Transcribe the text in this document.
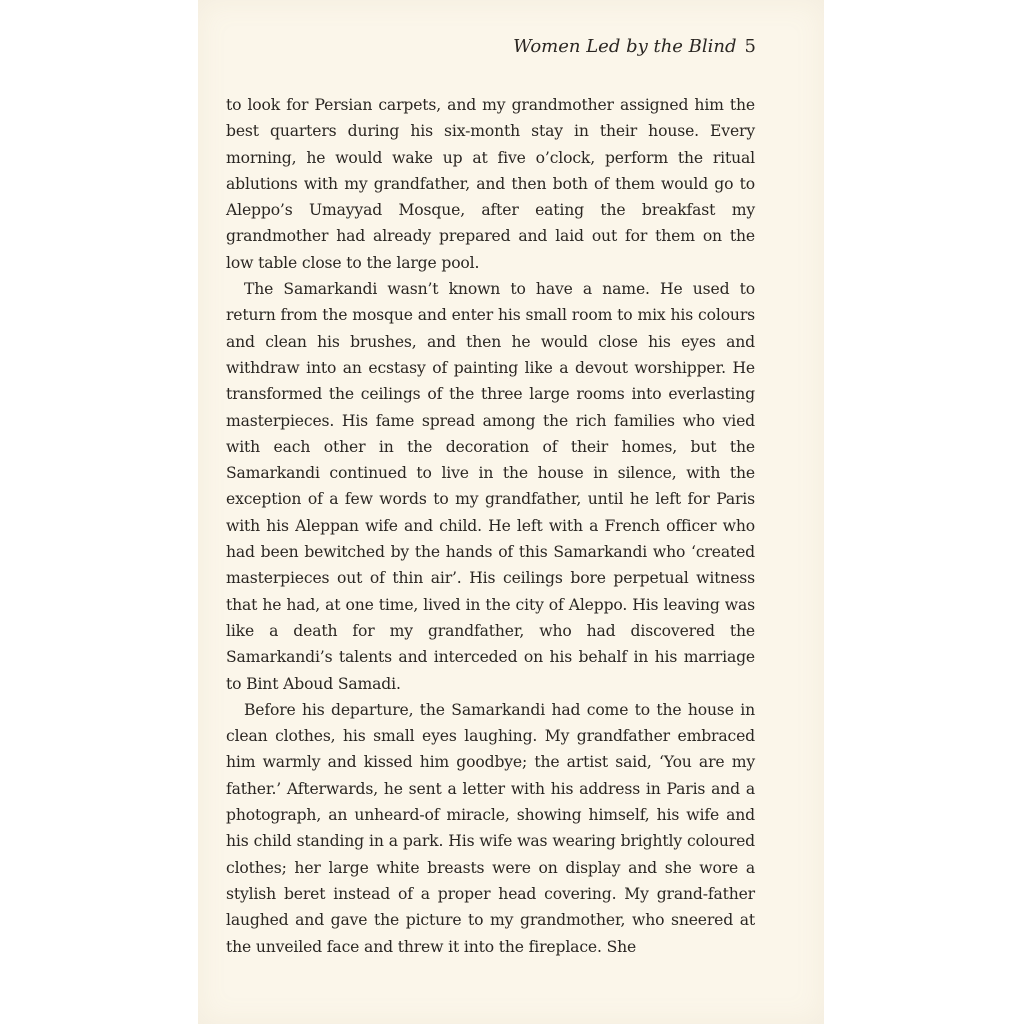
Women Led by the Blind 5

to look for Persian carpets, and my grandmother assigned him the best quarters during his six-month stay in their house. Every morning, he would wake up at five o’clock, perform the ritual ablutions with my grandfather, and then both of them would go to Aleppo’s Umayyad Mosque, after eating the breakfast my grandmother had already prepared and laid out for them on the low table close to the large pool.

The Samarkandi wasn’t known to have a name. He used to return from the mosque and enter his small room to mix his colours and clean his brushes, and then he would close his eyes and withdraw into an ecstasy of painting like a devout worshipper. He transformed the ceilings of the three large rooms into everlasting masterpieces. His fame spread among the rich families who vied with each other in the decoration of their homes, but the Samarkandi continued to live in the house in silence, with the exception of a few words to my grandfather, until he left for Paris with his Aleppan wife and child. He left with a French officer who had been bewitched by the hands of this Samarkandi who ‘created masterpieces out of thin air’. His ceilings bore perpetual witness that he had, at one time, lived in the city of Aleppo. His leaving was like a death for my grandfather, who had discovered the Samarkandi’s talents and interceded on his behalf in his marriage to Bint Aboud Samadi.

Before his departure, the Samarkandi had come to the house in clean clothes, his small eyes laughing. My grandfather embraced him warmly and kissed him goodbye; the artist said, ‘You are my father.’ Afterwards, he sent a letter with his address in Paris and a photograph, an unheard-of miracle, showing himself, his wife and his child standing in a park. His wife was wearing brightly coloured clothes; her large white breasts were on display and she wore a stylish beret instead of a proper head covering. My grand-father laughed and gave the picture to my grandmother, who sneered at the unveiled face and threw it into the fireplace. She
